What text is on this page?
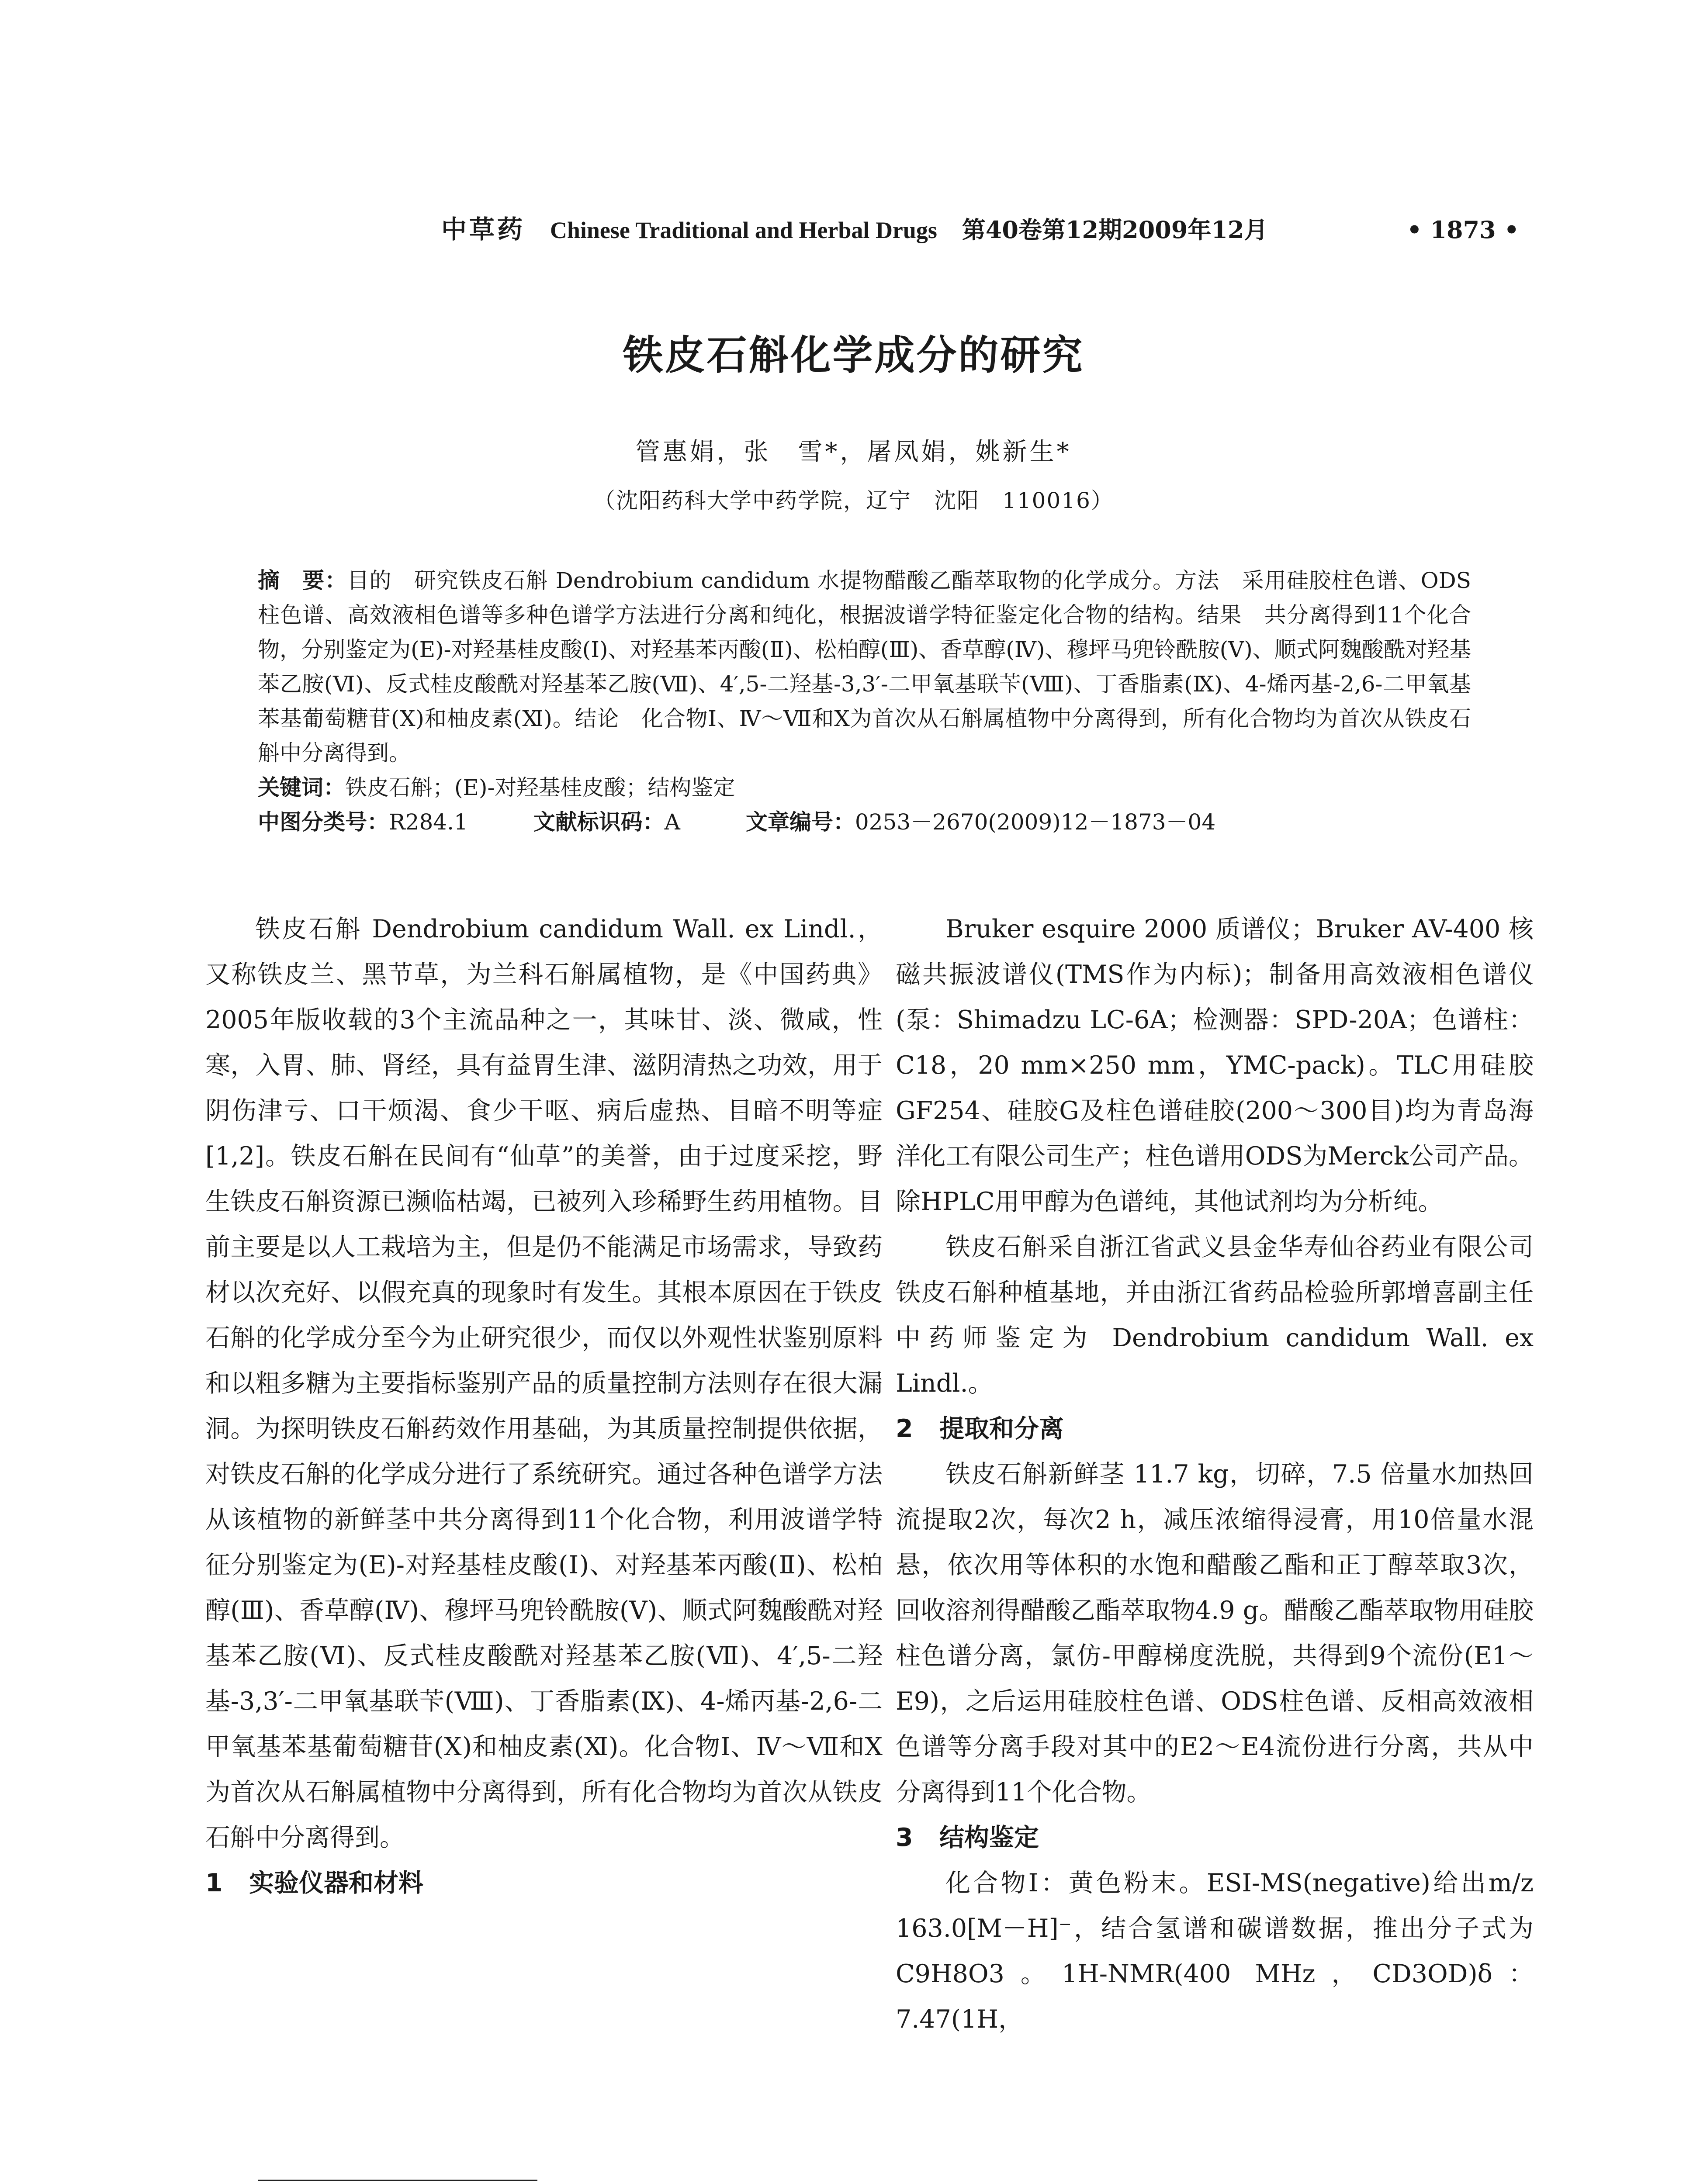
中草药 Chinese Traditional and Herbal Drugs 第40卷第12期2009年12月	• 1873 •
铁皮石斛化学成分的研究
管惠娟，张　雪*，屠凤娟，姚新生*
（沈阳药科大学中药学院，辽宁　沈阳　110016）

摘　要：目的　研究铁皮石斛 Dendrobium candidum 水提物醋酸乙酯萃取物的化学成分。方法　采用硅胶柱色谱、ODS柱色谱、高效液相色谱等多种色谱学方法进行分离和纯化，根据波谱学特征鉴定化合物的结构。结果　共分离得到11个化合物，分别鉴定为(E)-对羟基桂皮酸(Ⅰ)、对羟基苯丙酸(Ⅱ)、松柏醇(Ⅲ)、香草醇(Ⅳ)、穆坪马兜铃酰胺(Ⅴ)、顺式阿魏酸酰对羟基苯乙胺(Ⅵ)、反式桂皮酸酰对羟基苯乙胺(Ⅶ)、4′,5-二羟基-3,3′-二甲氧基联苄(Ⅷ)、丁香脂素(Ⅸ)、4-烯丙基-2,6-二甲氧基苯基葡萄糖苷(Ⅹ)和柚皮素(Ⅺ)。结论　化合物Ⅰ、Ⅳ～Ⅶ和Ⅹ为首次从石斛属植物中分离得到，所有化合物均为首次从铁皮石斛中分离得到。

关键词：铁皮石斛；(E)-对羟基桂皮酸；结构鉴定

中图分类号：R284.1	文献标识码：A	文章编号：0253－2670(2009)12－1873－04

铁皮石斛 Dendrobium candidum Wall. ex Lindl.，又称铁皮兰、黑节草，为兰科石斛属植物，是《中国药典》2005年版收载的3个主流品种之一，其味甘、淡、微咸，性寒，入胃、肺、肾经，具有益胃生津、滋阴清热之功效，用于阴伤津亏、口干烦渴、食少干呕、病后虚热、目暗不明等症[1,2]。铁皮石斛在民间有“仙草”的美誉，由于过度采挖，野生铁皮石斛资源已濒临枯竭，已被列入珍稀野生药用植物。目前主要是以人工栽培为主，但是仍不能满足市场需求，导致药材以次充好、以假充真的现象时有发生。其根本原因在于铁皮石斛的化学成分至今为止研究很少，而仅以外观性状鉴别原料和以粗多糖为主要指标鉴别产品的质量控制方法则存在很大漏洞。为探明铁皮石斛药效作用基础，为其质量控制提供依据，对铁皮石斛的化学成分进行了系统研究。通过各种色谱学方法从该植物的新鲜茎中共分离得到11个化合物，利用波谱学特征分别鉴定为(E)-对羟基桂皮酸(Ⅰ)、对羟基苯丙酸(Ⅱ)、松柏醇(Ⅲ)、香草醇(Ⅳ)、穆坪马兜铃酰胺(Ⅴ)、顺式阿魏酸酰对羟基苯乙胺(Ⅵ)、反式桂皮酸酰对羟基苯乙胺(Ⅶ)、4′,5-二羟基-3,3′-二甲氧基联苄(Ⅷ)、丁香脂素(Ⅸ)、4-烯丙基-2,6-二甲氧基苯基葡萄糖苷(Ⅹ)和柚皮素(Ⅺ)。化合物Ⅰ、Ⅳ～Ⅶ和Ⅹ为首次从石斛属植物中分离得到，所有化合物均为首次从铁皮石斛中分离得到。

1 实验仪器和材料

Bruker esquire 2000 质谱仪；Bruker AV-400 核磁共振波谱仪(TMS作为内标)；制备用高效液相色谱仪(泵：Shimadzu LC-6A；检测器：SPD-20A；色谱柱：C18，20 mm×250 mm，YMC-pack)。TLC用硅胶GF254、硅胶G及柱色谱硅胶(200～300目)均为青岛海洋化工有限公司生产；柱色谱用ODS为Merck公司产品。除HPLC用甲醇为色谱纯，其他试剂均为分析纯。

铁皮石斛采自浙江省武义县金华寿仙谷药业有限公司铁皮石斛种植基地，并由浙江省药品检验所郭增喜副主任中药师鉴定为 Dendrobium candidum Wall. ex Lindl.。

2 提取和分离

铁皮石斛新鲜茎 11.7 kg，切碎，7.5 倍量水加热回流提取2次，每次2 h，减压浓缩得浸膏，用10倍量水混悬，依次用等体积的水饱和醋酸乙酯和正丁醇萃取3次，回收溶剂得醋酸乙酯萃取物4.9 g。醋酸乙酯萃取物用硅胶柱色谱分离，氯仿-甲醇梯度洗脱，共得到9个流份(E1～E9)，之后运用硅胶柱色谱、ODS柱色谱、反相高效液相色谱等分离手段对其中的E2～E4流份进行分离，共从中分离得到11个化合物。

3 结构鉴定

化合物Ⅰ：黄色粉末。ESI-MS(negative)给出m/z 163.0[M－H]⁻，结合氢谱和碳谱数据，推出分子式为C9H8O3。1H-NMR(400 MHz，CD3OD)δ：7.47(1H，
